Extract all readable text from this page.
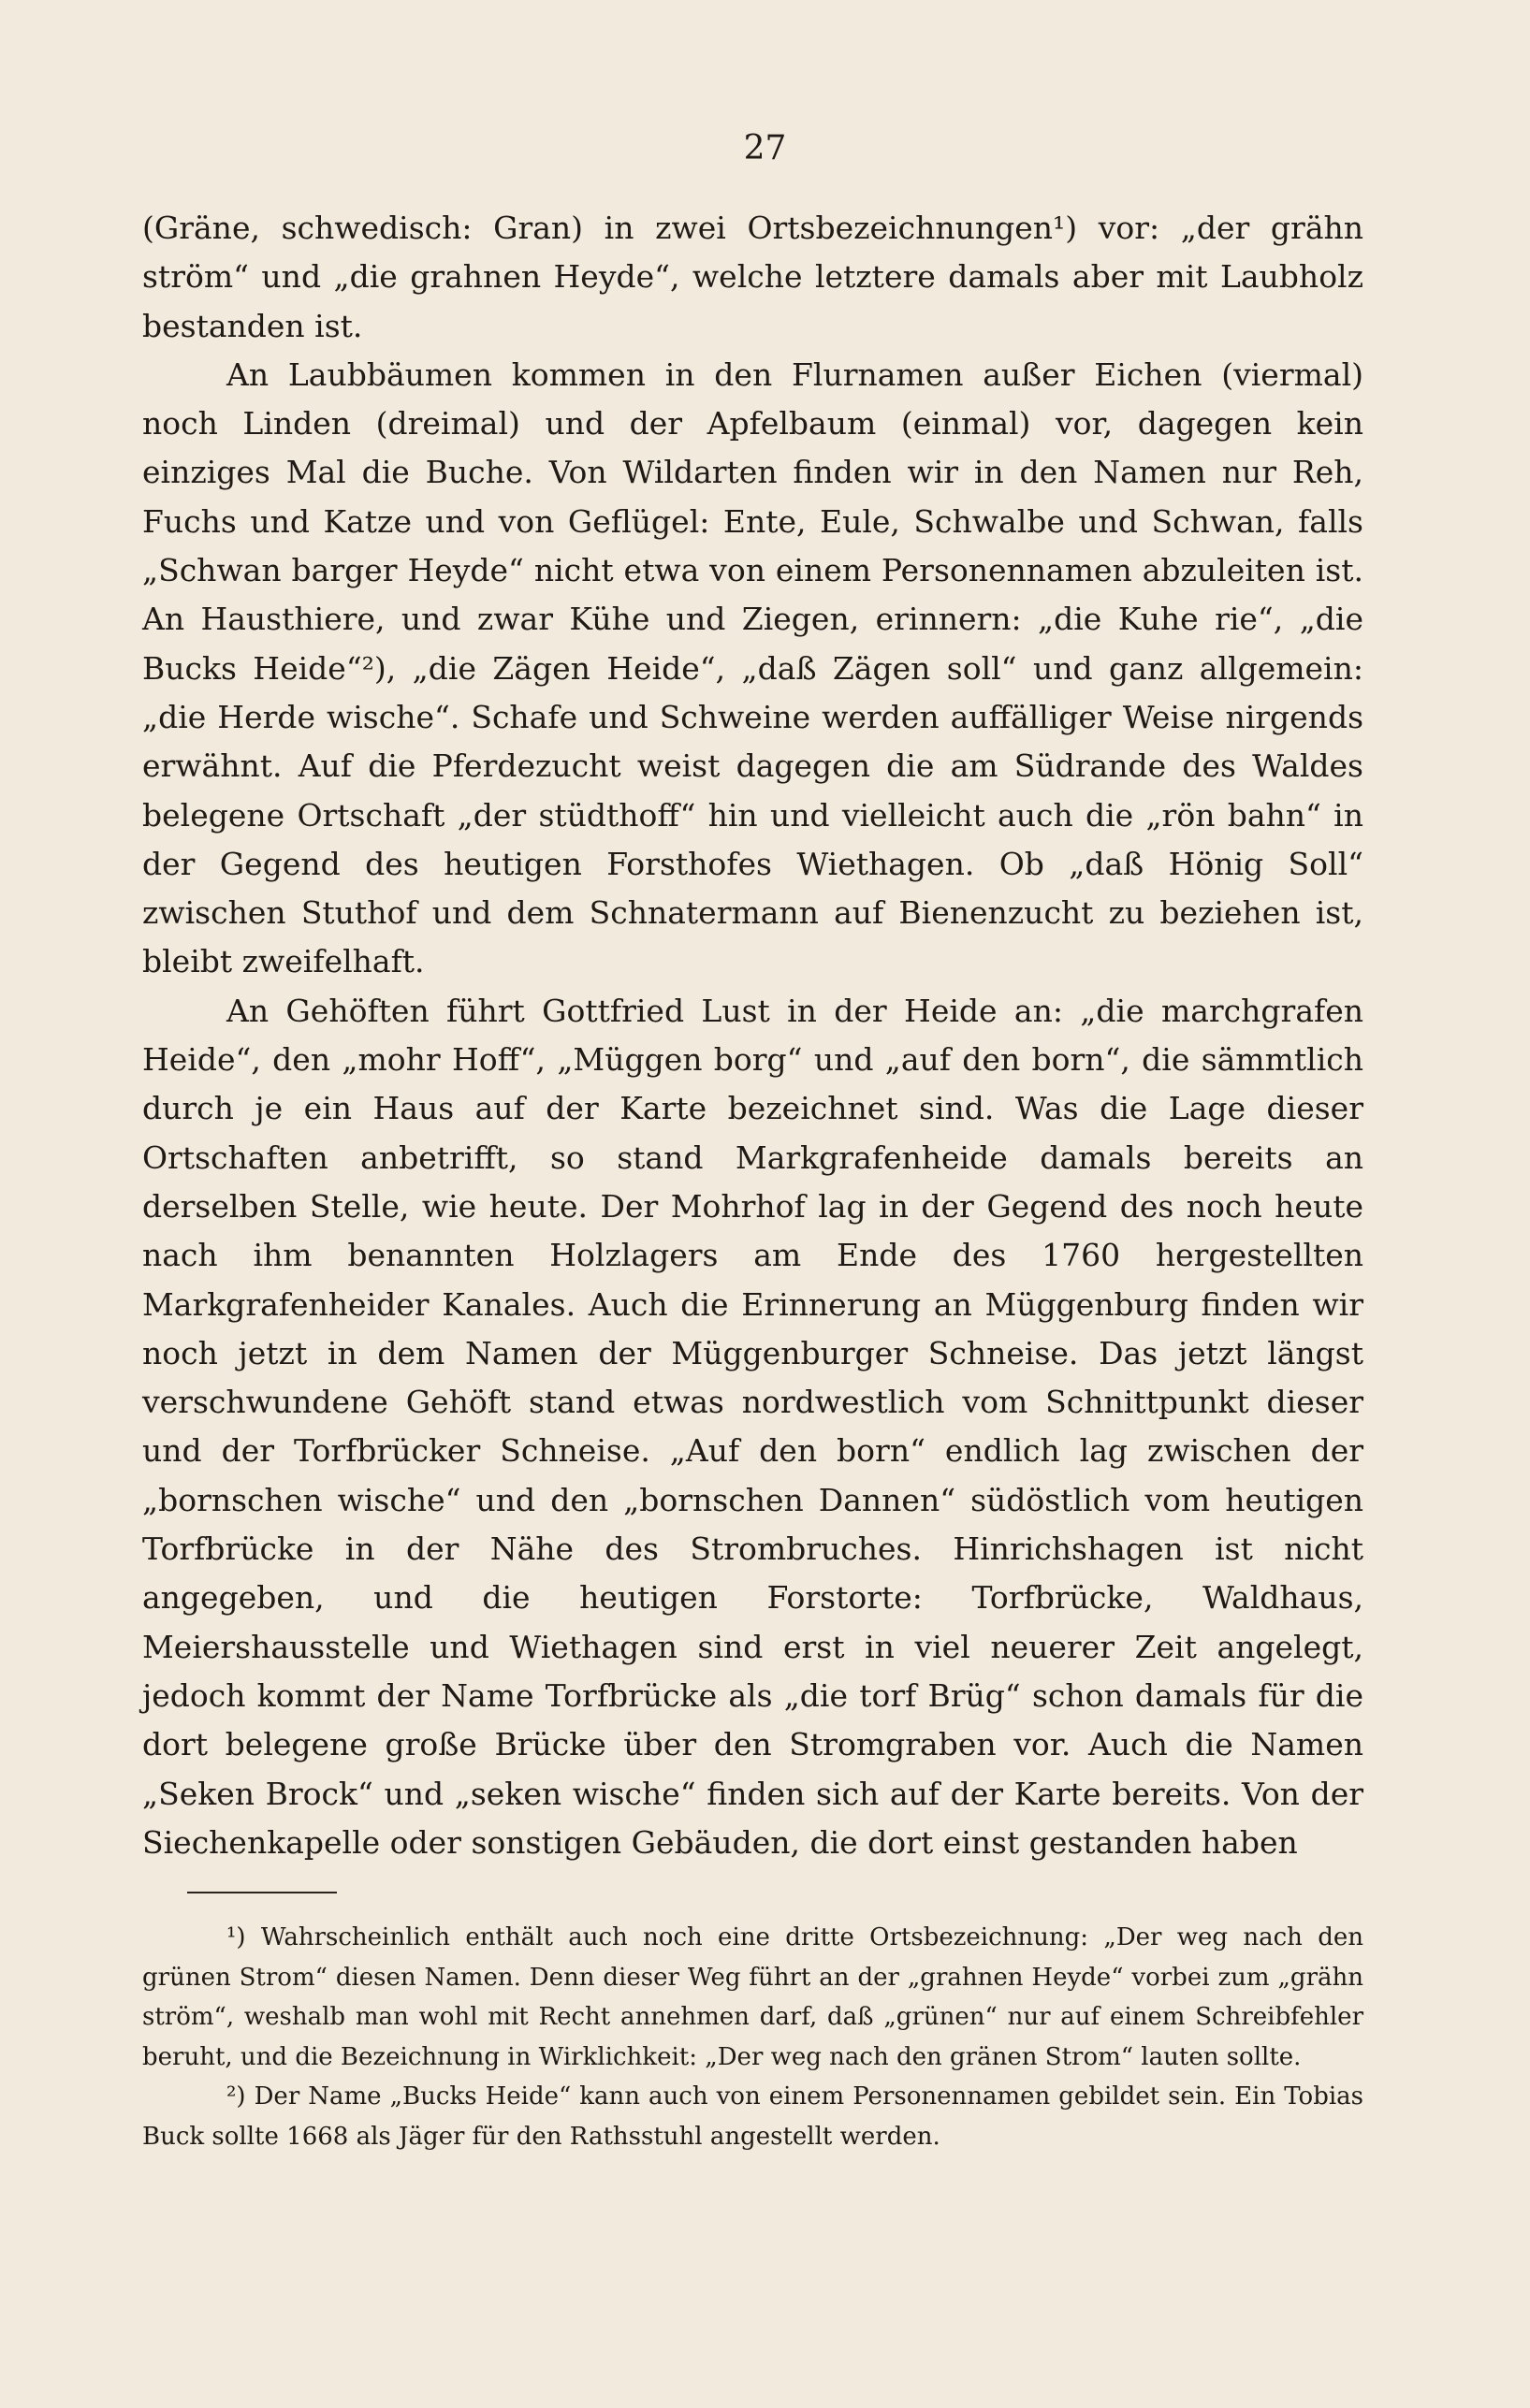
27

(Gräne, schwedisch: Gran) in zwei Ortsbezeichnungen¹) vor: „der grähn ström“ und „die grahnen Heyde“, welche letztere damals aber mit Laubholz bestanden ist.

An Laubbäumen kommen in den Flurnamen außer Eichen (viermal) noch Linden (dreimal) und der Apfelbaum (einmal) vor, dagegen kein einziges Mal die Buche. Von Wildarten finden wir in den Namen nur Reh, Fuchs und Katze und von Geflügel: Ente, Eule, Schwalbe und Schwan, falls „Schwan barger Heyde“ nicht etwa von einem Personennamen abzuleiten ist. An Hausthiere, und zwar Kühe und Ziegen, erinnern: „die Kuhe rie“, „die Bucks Heide“²), „die Zägen Heide“, „daß Zägen soll“ und ganz allgemein: „die Herde wische“. Schafe und Schweine werden auffälliger Weise nirgends erwähnt. Auf die Pferdezucht weist dagegen die am Südrande des Waldes belegene Ortschaft „der stüdthoff“ hin und vielleicht auch die „rön bahn“ in der Gegend des heutigen Forsthofes Wiethagen. Ob „daß Hönig Soll“ zwischen Stuthof und dem Schnatermann auf Bienenzucht zu beziehen ist, bleibt zweifelhaft.

An Gehöften führt Gottfried Lust in der Heide an: „die marchgrafen Heide“, den „mohr Hoff“, „Müggen borg“ und „auf den born“, die sämmtlich durch je ein Haus auf der Karte bezeichnet sind. Was die Lage dieser Ortschaften anbetrifft, so stand Markgrafenheide damals bereits an derselben Stelle, wie heute. Der Mohrhof lag in der Gegend des noch heute nach ihm benannten Holzlagers am Ende des 1760 hergestellten Markgrafenheider Kanales. Auch die Erinnerung an Müggenburg finden wir noch jetzt in dem Namen der Müggenburger Schneise. Das jetzt längst verschwundene Gehöft stand etwas nordwestlich vom Schnittpunkt dieser und der Torfbrücker Schneise. „Auf den born“ endlich lag zwischen der „bornschen wische“ und den „bornschen Dannen“ südöstlich vom heutigen Torfbrücke in der Nähe des Strombruches. Hinrichshagen ist nicht angegeben, und die heutigen Forstorte: Torfbrücke, Waldhaus, Meiershausstelle und Wiethagen sind erst in viel neuerer Zeit angelegt, jedoch kommt der Name Torfbrücke als „die torf Brüg“ schon damals für die dort belegene große Brücke über den Stromgraben vor. Auch die Namen „Seken Brock“ und „seken wische“ finden sich auf der Karte bereits. Von der Siechenkapelle oder sonstigen Gebäuden, die dort einst gestanden haben

¹) Wahrscheinlich enthält auch noch eine dritte Ortsbezeichnung: „Der weg nach den grünen Strom“ diesen Namen. Denn dieser Weg führt an der „grahnen Heyde“ vorbei zum „grähn ström“, weshalb man wohl mit Recht annehmen darf, daß „grünen“ nur auf einem Schreibfehler beruht, und die Bezeichnung in Wirklichkeit: „Der weg nach den gränen Strom“ lauten sollte.

²) Der Name „Bucks Heide“ kann auch von einem Personennamen gebildet sein. Ein Tobias Buck sollte 1668 als Jäger für den Rathsstuhl angestellt werden.
